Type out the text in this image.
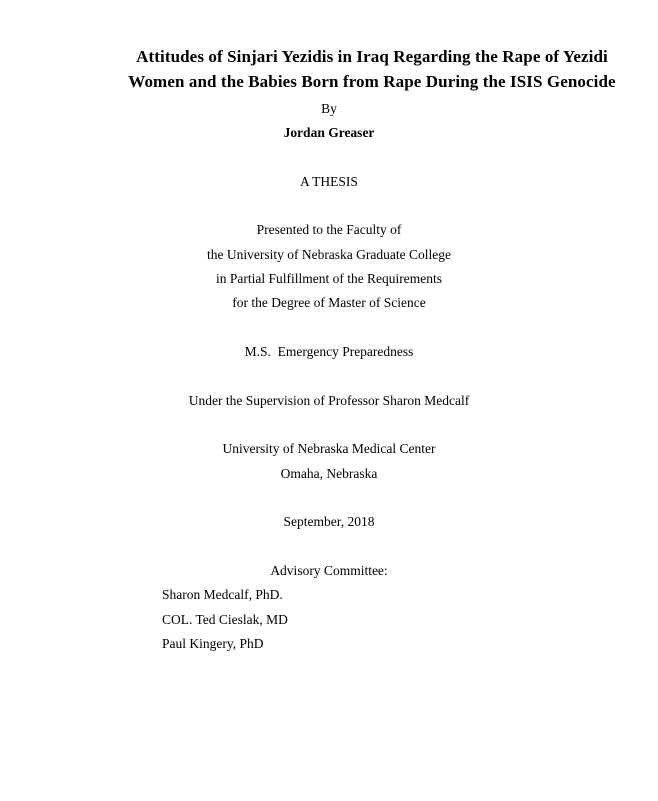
Attitudes of Sinjari Yezidis in Iraq Regarding the Rape of Yezidi
Women and the Babies Born from Rape During the ISIS Genocide
By
Jordan Greaser
A THESIS
Presented to the Faculty of
the University of Nebraska Graduate College
in Partial Fulfillment of the Requirements
for the Degree of Master of Science
M.S.  Emergency Preparedness
Under the Supervision of Professor Sharon Medcalf
University of Nebraska Medical Center
Omaha, Nebraska
September, 2018
Advisory Committee:
Sharon Medcalf, PhD.
COL. Ted Cieslak, MD
Paul Kingery, PhD
